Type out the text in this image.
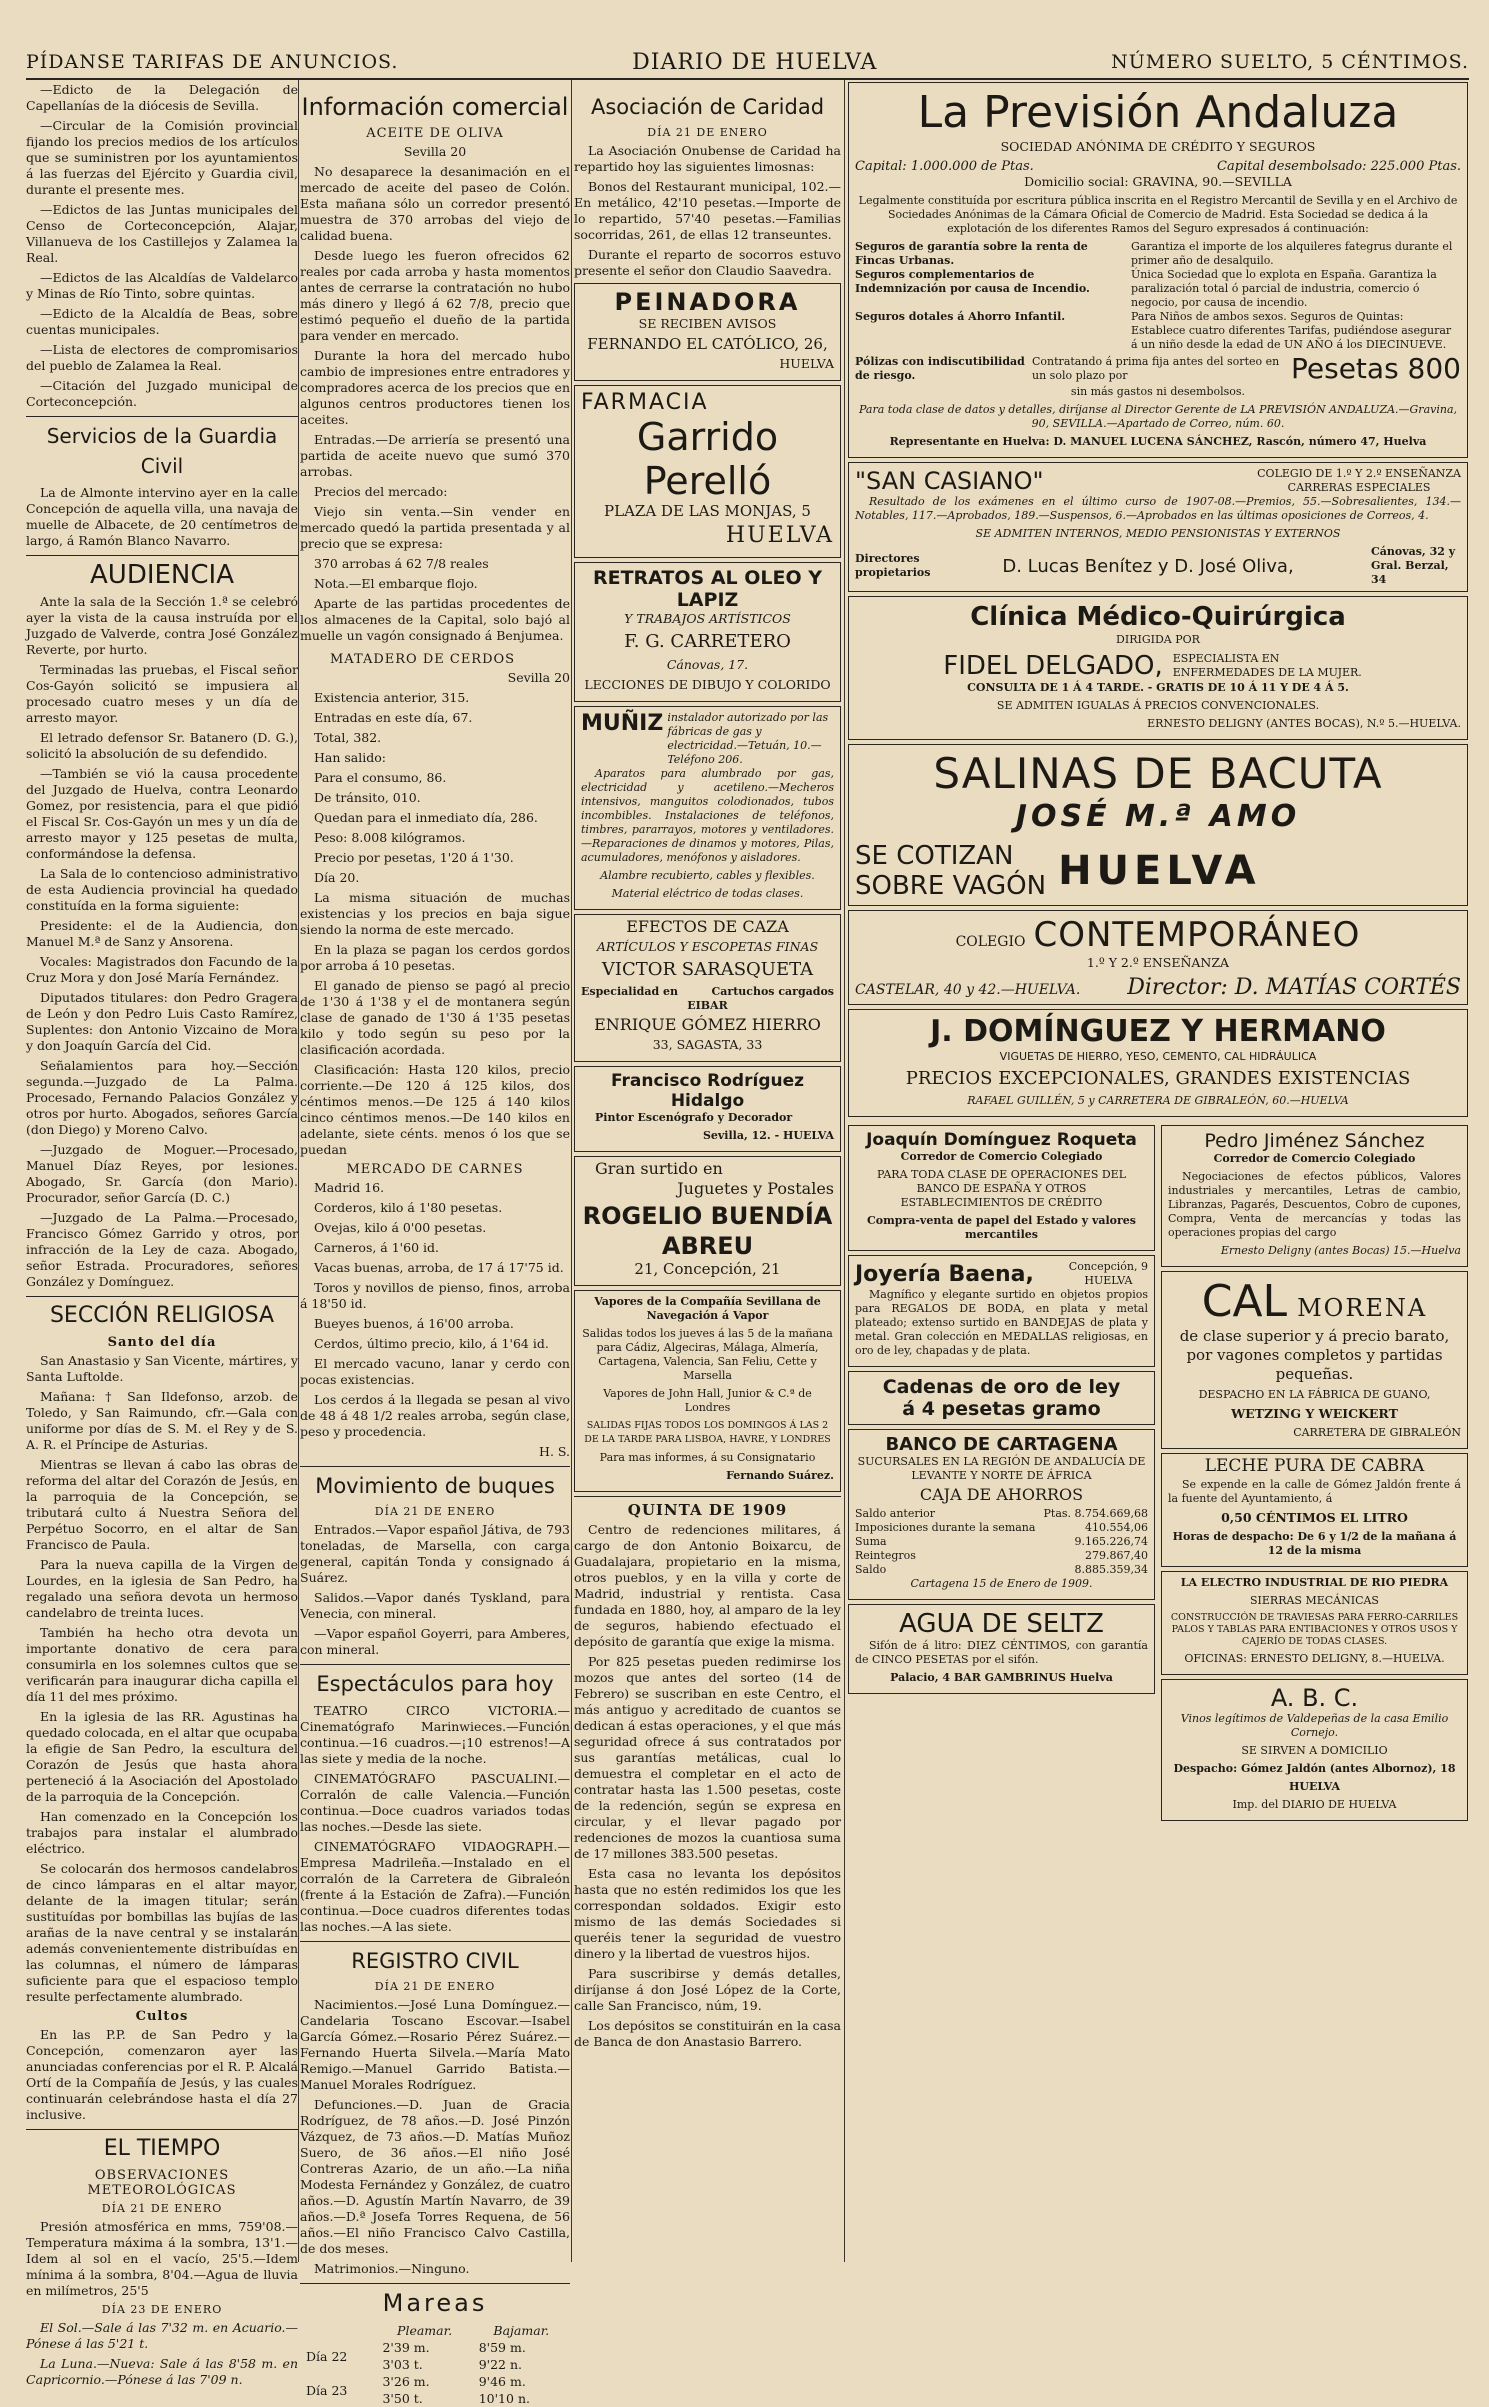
PÍDANSE TARIFAS DE ANUNCIOS.	DIARIO DE HUELVA	NÚMERO SUELTO, 5 CÉNTIMOS.

—Edicto de la Delegación de Capellanías de la diócesis de Sevilla.

—Circular de la Comisión provincial fijando los precios medios de los artículos que se suministren por los ayuntamientos á las fuerzas del Ejército y Guardia civil, durante el presente mes.

—Edictos de las Juntas municipales del Censo de Corteconcepción, Alajar, Villanueva de los Castillejos y Zalamea la Real.

—Edictos de las Alcaldías de Valdelarco y Minas de Río Tinto, sobre quintas.

—Edicto de la Alcaldía de Beas, sobre cuentas municipales.

—Lista de electores de compromisarios del pueblo de Zalamea la Real.

—Citación del Juzgado municipal de Corteconcepción.

Servicios de la Guardia Civil

La de Almonte intervino ayer en la calle Concepción de aquella villa, una navaja de muelle de Albacete, de 20 centímetros de largo, á Ramón Blanco Navarro.

AUDIENCIA

Ante la sala de la Sección 1.ª se celebró ayer la vista de la causa instruída por el Juzgado de Valverde, contra José González Reverte, por hurto.

Terminadas las pruebas, el Fiscal señor Cos-Gayón solicitó se impusiera al procesado cuatro meses y un día de arresto mayor.

El letrado defensor Sr. Batanero (D. G.), solicitó la absolución de su defendido.

—También se vió la causa procedente del Juzgado de Huelva, contra Leonardo Gomez, por resistencia, para el que pidió el Fiscal Sr. Cos-Gayón un mes y un día de arresto mayor y 125 pesetas de multa, conformándose la defensa.

La Sala de lo contencioso administrativo de esta Audiencia provincial ha quedado constituída en la forma siguiente:

Presidente: el de la Audiencia, don Manuel M.ª de Sanz y Ansorena.

Vocales: Magistrados don Facundo de la Cruz Mora y don José María Fernández.

Diputados titulares: don Pedro Gragera de León y don Pedro Luis Casto Ramírez, Suplentes: don Antonio Vizcaino de Mora y don Joaquín García del Cid.

Señalamientos para hoy.—Sección segunda.—Juzgado de La Palma. Procesado, Fernando Palacios González y otros por hurto. Abogados, señores García (don Diego) y Moreno Calvo.

—Juzgado de Moguer.—Procesado, Manuel Díaz Reyes, por lesiones. Abogado, Sr. García (don Mario). Procurador, señor García (D. C.)

—Juzgado de La Palma.—Procesado, Francisco Gómez Garrido y otros, por infracción de la Ley de caza. Abogado, señor Estrada. Procuradores, señores González y Domínguez.

SECCIÓN RELIGIOSA
Santo del día

San Anastasio y San Vicente, mártires, y Santa Luftolde.

Mañana: † San Ildefonso, arzob. de Toledo, y San Raimundo, cfr.—Gala con uniforme por días de S. M. el Rey y de S. A. R. el Príncipe de Asturias.

Mientras se llevan á cabo las obras de reforma del altar del Corazón de Jesús, en la parroquia de la Concepción, se tributará culto á Nuestra Señora del Perpétuo Socorro, en el altar de San Francisco de Paula.

Para la nueva capilla de la Virgen de Lourdes, en la iglesia de San Pedro, ha regalado una señora devota un hermoso candelabro de treinta luces.

También ha hecho otra devota un importante donativo de cera para consumirla en los solemnes cultos que se verificarán para inaugurar dicha capilla el día 11 del mes próximo.

En la iglesia de las RR. Agustinas ha quedado colocada, en el altar que ocupaba la efigie de San Pedro, la escultura del Corazón de Jesús que hasta ahora perteneció á la Asociación del Apostolado de la parroquia de la Concepción.

Han comenzado en la Concepción los trabajos para instalar el alumbrado eléctrico.

Se colocarán dos hermosos candelabros de cinco lámparas en el altar mayor, delante de la imagen titular; serán sustituídas por bombillas las bujías de las arañas de la nave central y se instalarán además convenientemente distribuídas en las columnas, el número de lámparas suficiente para que el espacioso templo resulte perfectamente alumbrado.

Cultos

En las P.P. de San Pedro y la Concepción, comenzaron ayer las anunciadas conferencias por el R. P. Alcalá Ortí de la Compañía de Jesús, y las cuales continuarán celebrándose hasta el día 27 inclusive.

EL TIEMPO
OBSERVACIONES METEOROLÓGICAS
DÍA 21 DE ENERO

Presión atmosférica en mms, 759'08.—Temperatura máxima á la sombra, 13'1.—Idem al sol en el vacío, 25'5.—Idem mínima á la sombra, 8'04.—Agua de lluvia en milímetros, 25'5

DÍA 23 DE ENERO

El Sol.—Sale á las 7'32 m. en Acuario.—Pónese á las 5'21 t.

La Luna.—Nueva: Sale á las 8'58 m. en Capricornio.—Pónese á las 7'09 n.

Información comercial
ACEITE DE OLIVA

Sevilla 20

No desaparece la desanimación en el mercado de aceite del paseo de Colón. Esta mañana sólo un corredor presentó muestra de 370 arrobas del viejo de calidad buena.

Desde luego les fueron ofrecidos 62 reales por cada arroba y hasta momentos antes de cerrarse la contratación no hubo más dinero y llegó á 62 7/8, precio que estimó pequeño el dueño de la partida para vender en mercado.

Durante la hora del mercado hubo cambio de impresiones entre entradores y compradores acerca de los precios que en algunos centros productores tienen los aceites.

Entradas.—De arriería se presentó una partida de aceite nuevo que sumó 370 arrobas.

Precios del mercado:

Viejo sin venta.—Sin vender en mercado quedó la partida presentada y al precio que se expresa:

370 arrobas á 62 7/8 reales

Nota.—El embarque flojo.

Aparte de las partidas procedentes de los almacenes de la Capital, solo bajó al muelle un vagón consignado á Benjumea.

MATADERO DE CERDOS

Sevilla 20

Existencia anterior, 315.

Entradas en este día, 67.

Total, 382.

Han salido:

Para el consumo, 86.

De tránsito, 010.

Quedan para el inmediato día, 286.

Peso: 8.008 kilógramos.

Precio por pesetas, 1'20 á 1'30.

Día 20.

La misma situación de muchas existencias y los precios en baja sigue siendo la norma de este mercado.

En la plaza se pagan los cerdos gordos por arroba á 10 pesetas.

El ganado de pienso se pagó al precio de 1'30 á 1'38 y el de montanera según clase de ganado de 1'30 á 1'35 pesetas kilo y todo según su peso por la clasificación acordada.

Clasificación: Hasta 120 kilos, precio corriente.—De 120 á 125 kilos, dos céntimos menos.—De 125 á 140 kilos cinco céntimos menos.—De 140 kilos en adelante, siete cénts. menos ó los que se puedan

MERCADO DE CARNES

Madrid 16.

Corderos, kilo á 1'80 pesetas.

Ovejas, kilo á 0'00 pesetas.

Carneros, á 1'60 id.

Vacas buenas, arroba, de 17 á 17'75 id.

Toros y novillos de pienso, finos, arroba á 18'50 id.

Bueyes buenos, á 16'00 arroba.

Cerdos, último precio, kilo, á 1'64 id.

El mercado vacuno, lanar y cerdo con pocas existencias.

Los cerdos á la llegada se pesan al vivo de 48 á 48 1/2 reales arroba, según clase, peso y procedencia.

H. S.

Movimiento de buques
DÍA 21 DE ENERO

Entrados.—Vapor español Játiva, de 793 toneladas, de Marsella, con carga general, capitán Tonda y consignado á Suárez.

Salidos.—Vapor danés Tyskland, para Venecia, con mineral.

—Vapor español Goyerri, para Amberes, con mineral.

Espectáculos para hoy

TEATRO CIRCO VICTORIA.— Cinematógrafo Marinwieces.—Función continua.—16 cuadros.—¡10 estrenos!—A las siete y media de la noche.

CINEMATÓGRAFO PASCUALINI.— Corralón de calle Valencia.—Función continua.—Doce cuadros variados todas las noches.—Desde las siete.

CINEMATÓGRAFO VIDAOGRAPH.— Empresa Madrileña.—Instalado en el corralón de la Carretera de Gibraleón (frente á la Estación de Zafra).—Función continua.—Doce cuadros diferentes todas las noches.—A las siete.

REGISTRO CIVIL
DÍA 21 DE ENERO

Nacimientos.—José Luna Domínguez.—Candelaria Toscano Escovar.—Isabel García Gómez.—Rosario Pérez Suárez.—Fernando Huerta Silvela.—María Mato Remigo.—Manuel Garrido Batista.—Manuel Morales Rodríguez.

Defunciones.—D. Juan de Gracia Rodríguez, de 78 años.—D. José Pinzón Vázquez, de 73 años.—D. Matías Muñoz Suero, de 36 años.—El niño José Contreras Azario, de un año.—La niña Modesta Fernández y González, de cuatro años.—D. Agustín Martín Navarro, de 39 años.—D.ª Josefa Torres Requena, de 56 años.—El niño Francisco Calvo Castilla, de dos meses.

Matrimonios.—Ninguno.

Mareas
	Pleamar.	Bajamar.
Día 22	2'39 m.	8'59 m.
	3'03 t.	9'22 n.
Día 23	3'26 m.	9'46 m.
	3'50 t.	10'10 n.
Asociación de Caridad
DÍA 21 DE ENERO

La Asociación Onubense de Caridad ha repartido hoy las siguientes limosnas:

Bonos del Restaurant municipal, 102.— En metálico, 42'10 pesetas.—Importe de lo repartido, 57'40 pesetas.—Familias socorridas, 261, de ellas 12 transeuntes.

Durante el reparto de socorros estuvo presente el señor don Claudio Saavedra.

PEINADORA

SE RECIBEN AVISOS

FERNANDO EL CATÓLICO, 26,

HUELVA

FARMACIA
Garrido Perelló

PLAZA DE LAS MONJAS, 5

HUELVA

RETRATOS AL OLEO Y LAPIZ

Y TRABAJOS ARTÍSTICOS

F. G. CARRETERO

Cánovas, 17.

LECCIONES DE DIBUJO Y COLORIDO

MUÑIZ instalador autorizado por las fábricas de gas y electricidad.—Tetuán, 10.—Teléfono 206.

Aparatos para alumbrado por gas, electricidad y acetileno.—Mecheros intensivos, manguitos colodionados, tubos incombibles. Instalaciones de teléfonos, timbres, pararrayos, motores y ventiladores.—Reparaciones de dinamos y motores, Pilas, acumuladores, menófonos y aisladores.

Alambre recubierto, cables y flexibles.

Material eléctrico de todas clases.

EFECTOS DE CAZA

ARTÍCULOS Y ESCOPETAS FINAS

VICTOR SARASQUETA

Especialidad en	Cartuchos cargados

EIBAR

ENRIQUE GÓMEZ HIERRO

33, SAGASTA, 33

Francisco Rodríguez Hidalgo

Pintor Escenógrafo y Decorador

Sevilla, 12. - HUELVA

Gran surtido en

Juguetes y Postales

ROGELIO BUENDÍA ABREU

21, Concepción, 21

Vapores de la Compañía Sevillana de Navegación á Vapor

Salidas todos los jueves á las 5 de la mañana para Cádiz, Algeciras, Málaga, Almería, Cartagena, Valencia, San Feliu, Cette y Marsella

Vapores de John Hall, Junior & C.ª de Londres

SALIDAS FIJAS TODOS LOS DOMINGOS Á LAS 2 DE LA TARDE PARA LISBOA, HAVRE, Y LONDRES

Para mas informes, á su Consignatario

Fernando Suárez.

QUINTA DE 1909

Centro de redenciones militares, á cargo de don Antonio Boixarcu, de Guadalajara, propietario en la misma, otros pueblos, y en la villa y corte de Madrid, industrial y rentista. Casa fundada en 1880, hoy, al amparo de la ley de seguros, habiendo efectuado el depósito de garantía que exige la misma.

Por 825 pesetas pueden redimirse los mozos que antes del sorteo (14 de Febrero) se suscriban en este Centro, el más antiguo y acreditado de cuantos se dedican á estas operaciones, y el que más seguridad ofrece á sus contratados por sus garantías metálicas, cual lo demuestra el completar en el acto de contratar hasta las 1.500 pesetas, coste de la redención, según se expresa en circular, y el llevar pagado por redenciones de mozos la cuantiosa suma de 17 millones 383.500 pesetas.

Esta casa no levanta los depósitos hasta que no estén redimidos los que les correspondan soldados. Exigir esto mismo de las demás Sociedades si queréis tener la seguridad de vuestro dinero y la libertad de vuestros hijos.

Para suscribirse y demás detalles, diríjanse á don José López de la Corte, calle San Francisco, núm, 19.

Los depósitos se constituirán en la casa de Banca de don Anastasio Barrero.

La Previsión Andaluza

SOCIEDAD ANÓNIMA DE CRÉDITO Y SEGUROS

Capital: 1.000.000 de Ptas.	Capital desembolsado: 225.000 Ptas.

Domicilio social: GRAVINA, 90.—SEVILLA

Legalmente constituída por escritura pública inscrita en el Registro Mercantil de Sevilla y en el Archivo de Sociedades Anónimas de la Cámara Oficial de Comercio de Madrid. Esta Sociedad se dedica á la explotación de los diferentes Ramos del Seguro expresados á continuación:

Seguros de garantía sobre la renta de Fincas Urbanas.
Garantiza el importe de los alquileres fategrus durante el primer año de desalquilo.
Seguros complementarios de Indemnización por causa de Incendio.
Única Sociedad que lo explota en España. Garantiza la paralización total ó parcial de industria, comercio ó negocio, por causa de incendio.
Seguros dotales á Ahorro Infantil.	Para Niños de ambos sexos. Seguros de Quintas: Establece cuatro diferentes Tarifas, pudiéndose asegurar á un niño desde la edad de UN AÑO á los DIECINUEVE.
Pólizas con indiscutibilidad de riesgo.
Contratando á prima fija antes del sorteo en un solo plazo por	Pesetas 800

sin más gastos ni desembolsos.

Para toda clase de datos y detalles, diríjanse al Director Gerente de LA PREVISIÓN ANDALUZA.—Gravina, 90, SEVILLA.—Apartado de Correo, núm. 60.

Representante en Huelva: D. MANUEL LUCENA SÁNCHEZ, Rascón, número 47, Huelva

"SAN CASIANO"	COLEGIO DE 1.º Y 2.º ENSEÑANZA
CARRERAS ESPECIALES

Resultado de los exámenes en el último curso de 1907-08.—Premios, 55.—Sobresalientes, 134.—Notables, 117.—Aprobados, 189.—Suspensos, 6.—Aprobados en las últimas oposiciones de Correos, 4.

SE ADMITEN INTERNOS, MEDIO PENSIONISTAS Y EXTERNOS

Directores propietarios	D. Lucas Benítez y D. José Oliva,
Cánovas, 32 y Gral. Berzal, 34
Clínica Médico-Quirúrgica

DIRIGIDA POR

FIDEL DELGADO, ESPECIALISTA EN ENFERMEDADES DE LA MUJER.

CONSULTA DE 1 Á 4 TARDE. - GRATIS DE 10 Á 11 Y DE 4 Á 5.

SE ADMITEN IGUALAS Á PRECIOS CONVENCIONALES.

ERNESTO DELIGNY (ANTES BOCAS), N.º 5.—HUELVA.

SALINAS DE BACUTA
JOSÉ M.ª AMO
SE COTIZAN
SOBRE VAGÓN HUELVA
COLEGIO CONTEMPORÁNEO

1.º Y 2.º ENSEÑANZA

CASTELAR, 40 y 42.—HUELVA. Director: D. MATÍAS CORTÉS
J. DOMÍNGUEZ Y HERMANO

VIGUETAS DE HIERRO, YESO, CEMENTO, CAL HIDRÁULICA

PRECIOS EXCEPCIONALES, GRANDES EXISTENCIAS

RAFAEL GUILLÉN, 5 y CARRETERA DE GIBRALEÓN, 60.—HUELVA

Joaquín Domínguez Roqueta

Corredor de Comercio Colegiado

PARA TODA CLASE DE OPERACIONES DEL BANCO DE ESPAÑA Y OTROS ESTABLECIMIENTOS DE CRÉDITO

Compra-venta de papel del Estado y valores mercantiles

Joyería Baena,	Concepción, 9
HUELVA

Magnífico y elegante surtido en objetos propios para REGALOS DE BODA, en plata y metal plateado; extenso surtido en BANDEJAS de plata y metal. Gran colección en MEDALLAS religiosas, en oro de ley, chapadas y de plata.

Cadenas de oro de ley
á 4 pesetas gramo
BANCO DE CARTAGENA

SUCURSALES EN LA REGIÓN DE ANDALUCÍA DE LEVANTE Y NORTE DE ÁFRICA

CAJA DE AHORROS

Saldo anterior	Ptas. 8.754.669,68
Imposiciones durante la semana	410.554,06
Suma	9.165.226,74
Reintegros	279.867,40
Saldo	8.885.359,34

Cartagena 15 de Enero de 1909.

AGUA DE SELTZ

Sifón de á litro: DIEZ CÉNTIMOS, con garantía de CINCO PESETAS por el sifón.

Palacio, 4 BAR GAMBRINUS Huelva

Pedro Jiménez Sánchez

Corredor de Comercio Colegiado

Negociaciones de efectos públicos, Valores industriales y mercantiles, Letras de cambio, Libranzas, Pagarés, Descuentos, Cobro de cupones, Compra, Venta de mercancías y todas las operaciones propias del cargo

Ernesto Deligny (antes Bocas) 15.—Huelva

CAL MORENA

de clase superior y á precio barato, por vagones completos y partidas pequeñas.

DESPACHO EN LA FÁBRICA DE GUANO,

WETZING Y WEICKERT

CARRETERA DE GIBRALEÓN

LECHE PURA DE CABRA

Se expende en la calle de Gómez Jaldón frente á la fuente del Ayuntamiento, á

0,50 CÉNTIMOS EL LITRO

Horas de despacho: De 6 y 1/2 de la mañana á 12 de la misma

LA ELECTRO INDUSTRIAL DE RIO PIEDRA

SIERRAS MECÁNICAS

CONSTRUCCIÓN DE TRAVIESAS PARA FERRO-CARRILES PALOS Y TABLAS PARA ENTIBACIONES Y OTROS USOS Y CAJERÍO DE TODAS CLASES.

OFICINAS: ERNESTO DELIGNY, 8.—HUELVA.

A. B. C.

Vinos legítimos de Valdepeñas de la casa Emilio Cornejo.

SE SIRVEN A DOMICILIO

Despacho: Gómez Jaldón (antes Albornoz), 18

HUELVA

Imp. del DIARIO DE HUELVA
